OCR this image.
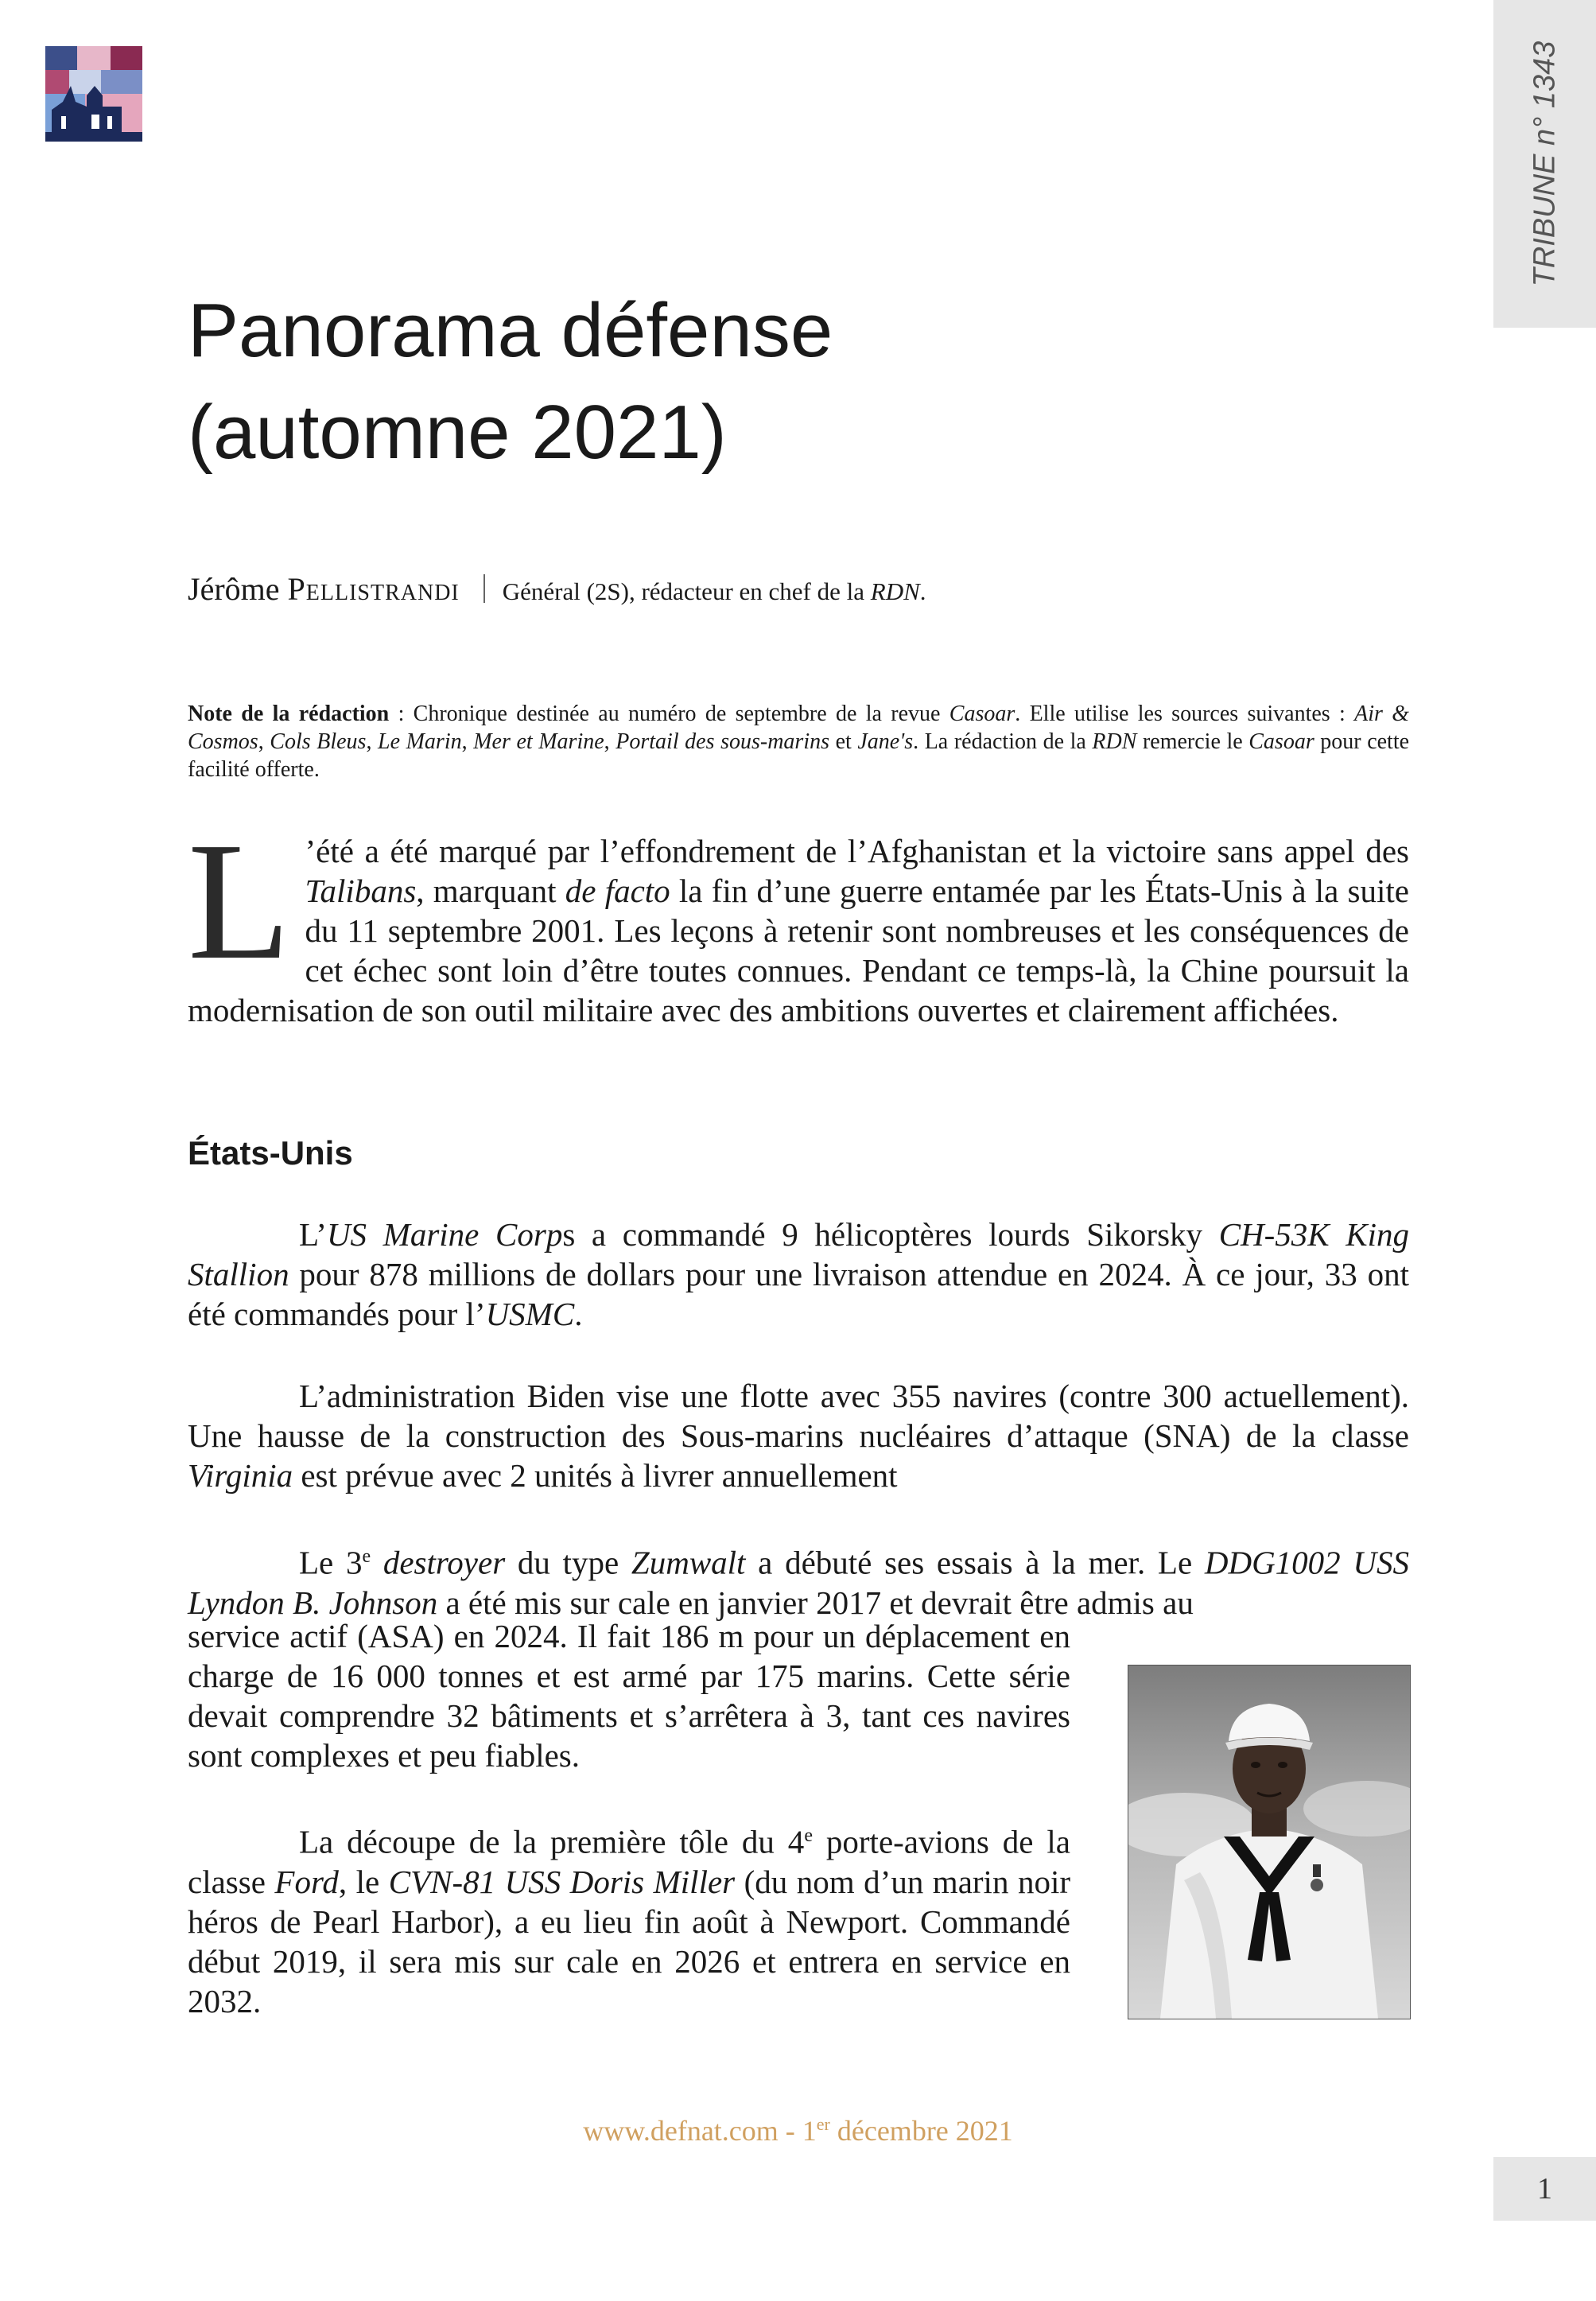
TRIBUNE n° 1343
Panorama défense
(automne 2021)
Jérôme Pellistrandi Général (2S), rédacteur en chef de la RDN.

Note de la rédaction : Chronique destinée au numéro de septembre de la revue Casoar. Elle utilise les sources suivantes : Air & Cosmos, Cols Bleus, Le Marin, Mer et Marine, Portail des sous-marins et Jane's. La rédaction de la RDN remercie le Casoar pour cette facilité offerte.

L ’été a été marqué par l’effondrement de l’Afghanistan et la victoire sans appel des Talibans, marquant de facto la fin d’une guerre entamée par les États-Unis à la suite du 11 septembre 2001. Les leçons à retenir sont nombreuses et les conséquences de cet échec sont loin d’être toutes connues. Pendant ce temps-là, la Chine poursuit la modernisation de son outil militaire avec des ambitions ouvertes et clairement affichées.

États-Unis

L’US Marine Corps a commandé 9 hélicoptères lourds Sikorsky CH-53K King Stallion pour 878 millions de dollars pour une livraison attendue en 2024. À ce jour, 33 ont été commandés pour l’USMC.

L’administration Biden vise une flotte avec 355 navires (contre 300 actuellement). Une hausse de la construction des Sous-marins nucléaires d’attaque (SNA) de la classe Virginia est prévue avec 2 unités à livrer annuellement

Le 3e destroyer du type Zumwalt a débuté ses essais à la mer. Le DDG1002 USS Lyndon B. Johnson a été mis sur cale en janvier 2017 et devrait être admis au

service actif (ASA) en 2024. Il fait 186 m pour un déplacement en charge de 16 000 tonnes et est armé par 175 marins. Cette série devait comprendre 32 bâtiments et s’arrêtera à 3, tant ces navires sont complexes et peu fiables.

La découpe de la première tôle du 4e porte-avions de la classe Ford, le CVN-81 USS Doris Miller (du nom d’un marin noir héros de Pearl Harbor), a eu lieu fin août à Newport. Commandé début 2019, il sera mis sur cale en 2026 et entrera en service en 2032.

www.defnat.com - 1er décembre 2021
1
